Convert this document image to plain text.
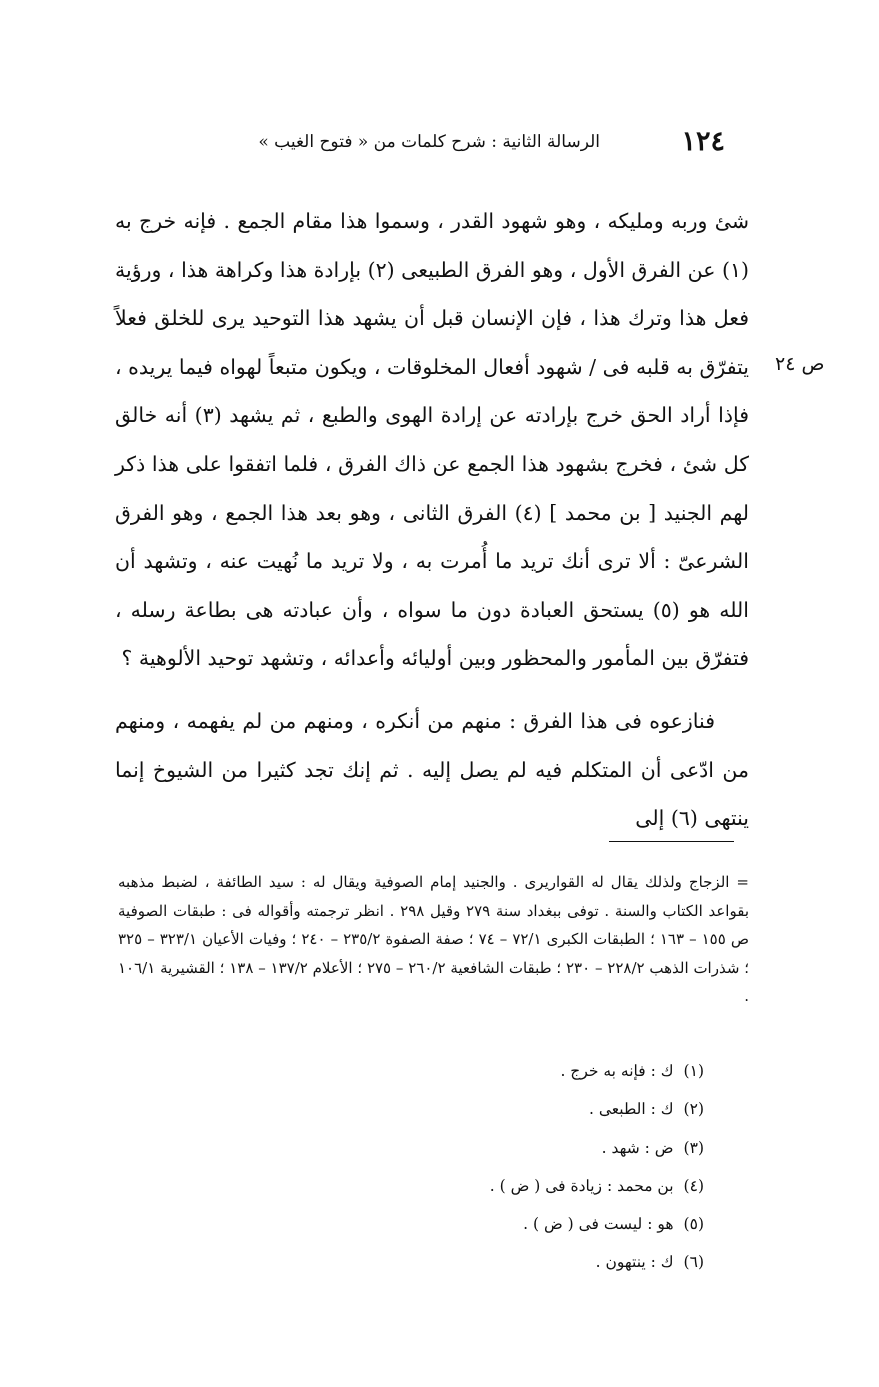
١٢٤
الرسالة الثانية : شرح كلمات من « فتوح الغيب »
ص ٢٤

شئ وربه ومليكه ، وهو شهود القدر ، وسموا هذا مقام الجمع . فإنه خرج به (١) عن الفرق الأول ، وهو الفرق الطبيعى (٢) بإرادة هذا وكراهة هذا ، ورؤية فعل هذا وترك هذا ، فإن الإنسان قبل أن يشهد هذا التوحيد يرى للخلق فعلاً يتفرّق به قلبه فى / شهود أفعال المخلوقات ، ويكون متبعاً لهواه فيما يريده ، فإذا أراد الحق خرج بإرادته عن إرادة الهوى والطبع ، ثم يشهد (٣) أنه خالق كل شئ ، فخرج بشهود هذا الجمع عن ذاك الفرق ، فلما اتفقوا على هذا ذكر لهم الجنيد [ بن محمد ] (٤) الفرق الثانى ، وهو بعد هذا الجمع ، وهو الفرق الشرعىّ : ألا ترى أنك تريد ما أُمرت به ، ولا تريد ما نُهيت عنه ، وتشهد أن الله هو (٥) يستحق العبادة دون ما سواه ، وأن عبادته هى بطاعة رسله ، فتفرّق بين المأمور والمحظور وبين أوليائه وأعدائه ، وتشهد توحيد الألوهية ؟

فنازعوه فى هذا الفرق : منهم من أنكره ، ومنهم من لم يفهمه ، ومنهم من ادّعى أن المتكلم فيه لم يصل إليه . ثم إنك تجد كثيرا من الشيوخ إنما ينتهى (٦) إلى

= الزجاج ولذلك يقال له القواريرى . والجنيد إمام الصوفية ويقال له : سيد الطائفة ، لضبط مذهبه بقواعد الكتاب والسنة . توفى ببغداد سنة ٢٧٩ وقيل ٢٩٨ . انظر ترجمته وأقواله فى : طبقات الصوفية ص ١٥٥ – ١٦٣ ؛ الطبقات الكبرى ٧٢/١ – ٧٤ ؛ صفة الصفوة ٢٣٥/٢ – ٢٤٠ ؛ وفيات الأعيان ٣٢٣/١ – ٣٢٥ ؛ شذرات الذهب ٢٢٨/٢ – ٢٣٠ ؛ طبقات الشافعية ٢٦٠/٢ – ٢٧٥ ؛ الأعلام ١٣٧/٢ – ١٣٨ ؛ القشيرية ١٠٦/١ .
(١)ك : فإنه به خرج .
(٢)ك : الطبعى .
(٣)ض : شهد .
(٤)بن محمد : زيادة فى ( ض ) .
(٥)هو : ليست فى ( ض ) .
(٦)ك : ينتهون .
